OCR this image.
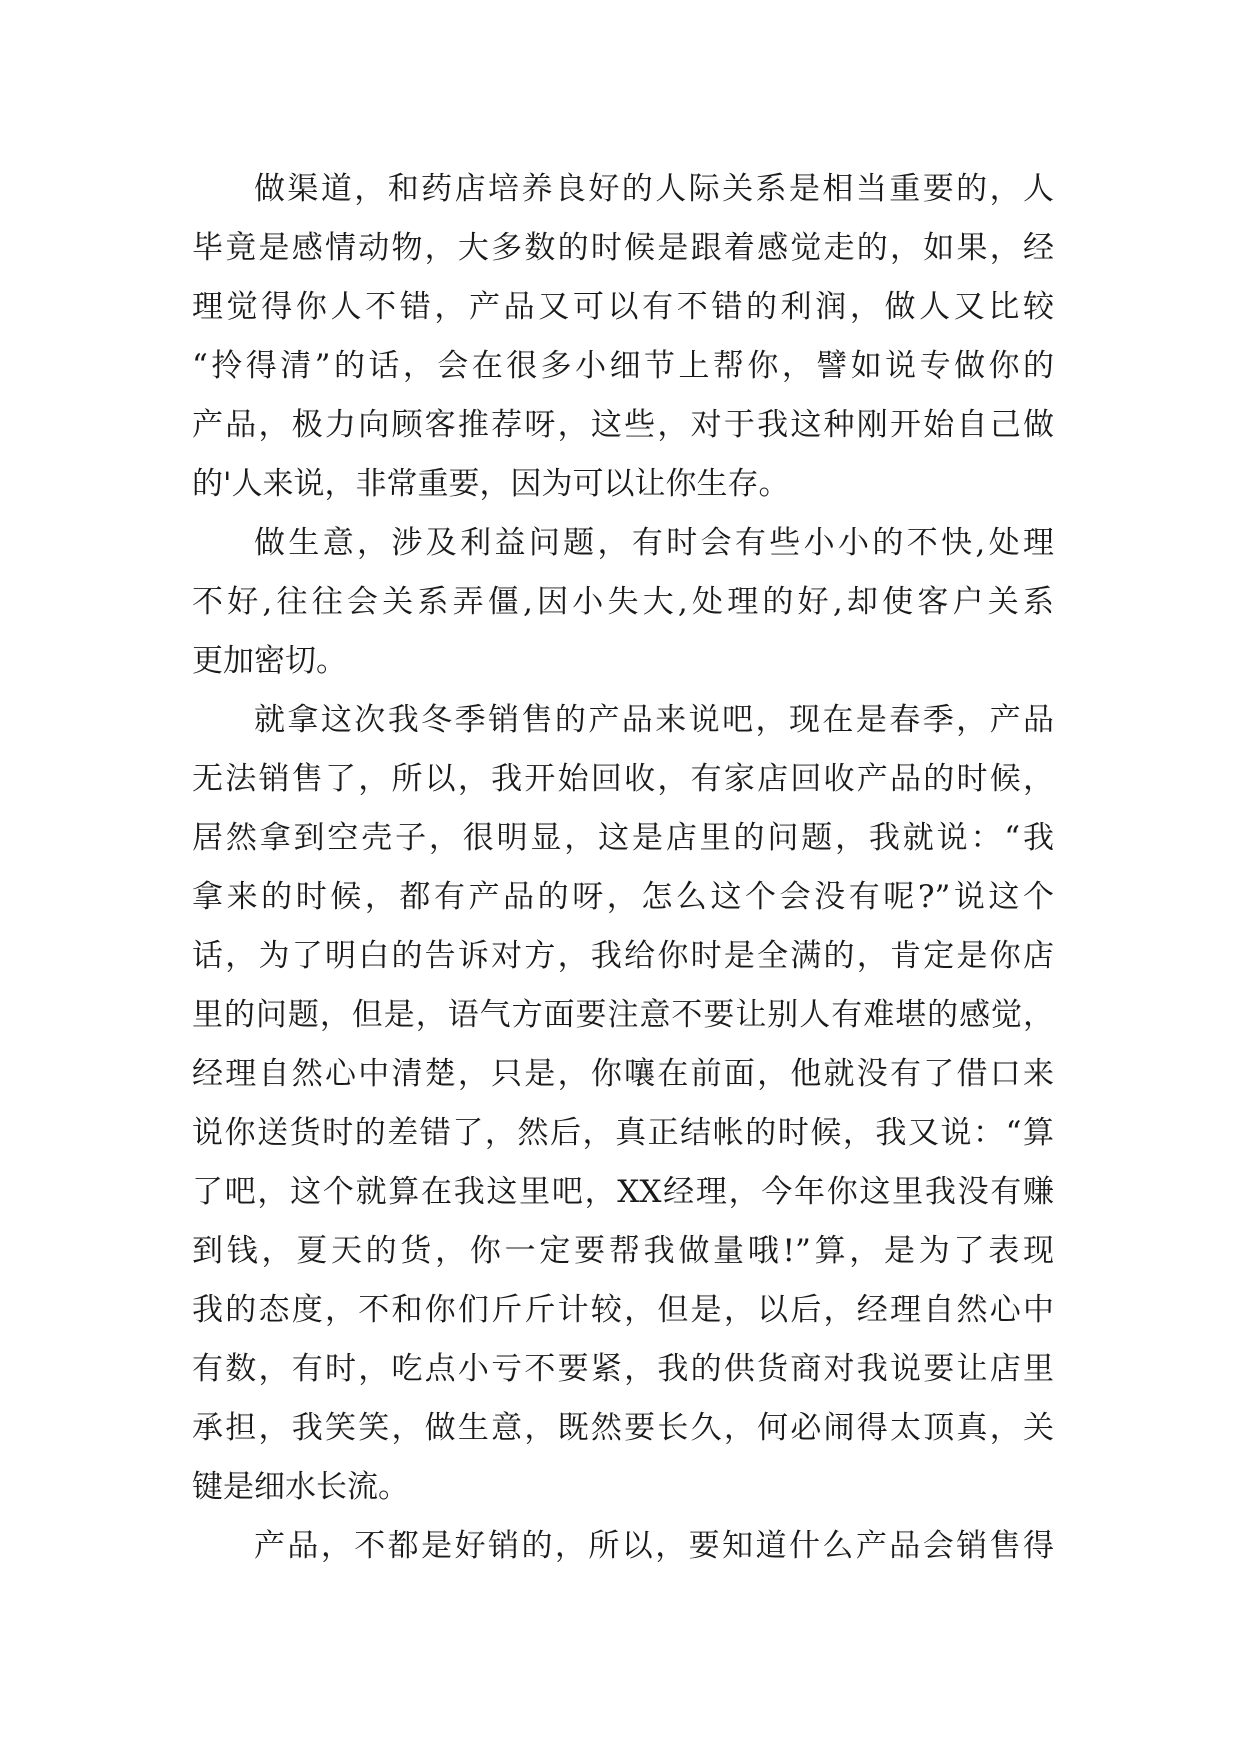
做渠道，和药店培养良好的人际关系是相当重要的，人
毕竟是感情动物，大多数的时候是跟着感觉走的，如果，经
理觉得你人不错，产品又可以有不错的利润，做人又比较
“拎得清”的话，会在很多小细节上帮你，譬如说专做你的
产品，极力向顾客推荐呀，这些，对于我这种刚开始自己做
的'人来说，非常重要，因为可以让你生存。
做生意，涉及利益问题，有时会有些小小的不快,处理
不好,往往会关系弄僵,因小失大,处理的好,却使客户关系
更加密切。
就拿这次我冬季销售的产品来说吧，现在是春季，产品
无法销售了，所以，我开始回收，有家店回收产品的时候，
居然拿到空壳子，很明显，这是店里的问题，我就说：“我
拿来的时候，都有产品的呀，怎么这个会没有呢?”说这个
话，为了明白的告诉对方，我给你时是全满的，肯定是你店
里的问题，但是，语气方面要注意不要让别人有难堪的感觉，
经理自然心中清楚，只是，你嚷在前面，他就没有了借口来
说你送货时的差错了，然后，真正结帐的时候，我又说：“算
了吧，这个就算在我这里吧，XX经理，今年你这里我没有赚
到钱，夏天的货，你一定要帮我做量哦!”算，是为了表现
我的态度，不和你们斤斤计较，但是，以后，经理自然心中
有数，有时，吃点小亏不要紧，我的供货商对我说要让店里
承担，我笑笑，做生意，既然要长久，何必闹得太顶真，关
键是细水长流。
产品，不都是好销的，所以，要知道什么产品会销售得
